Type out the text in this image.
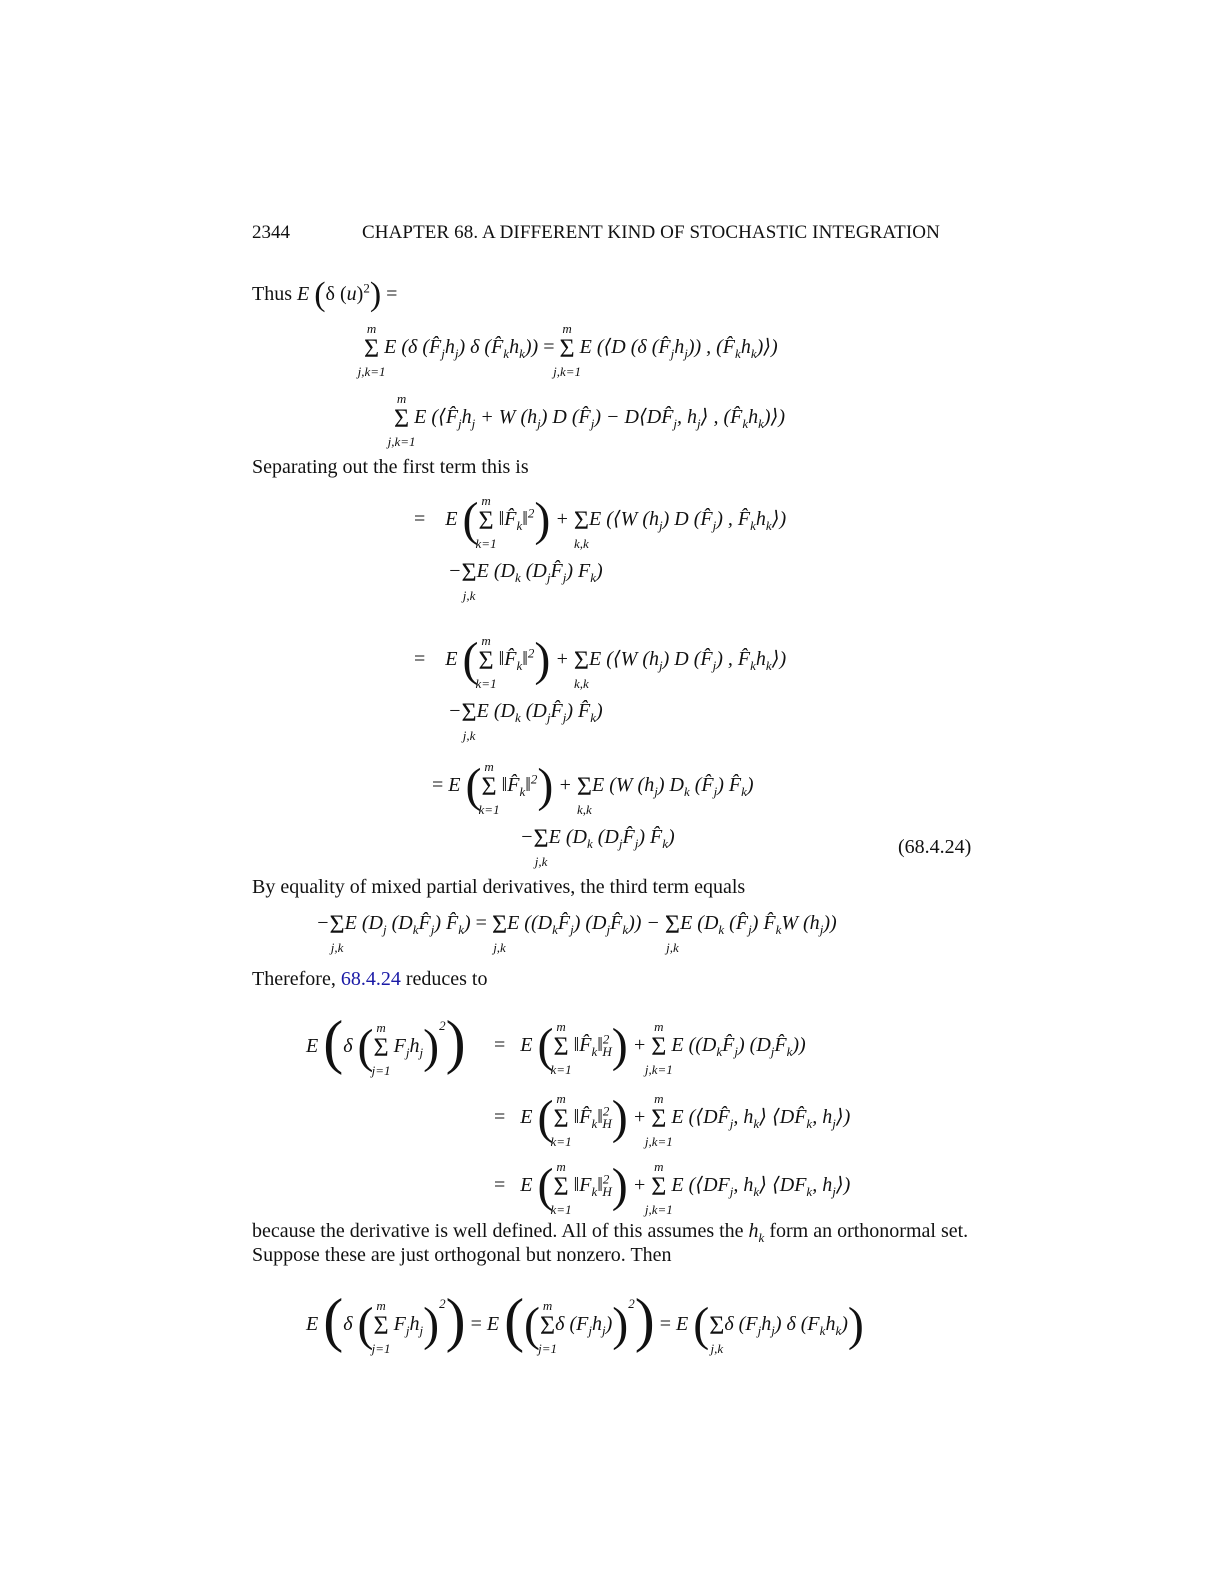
2344	CHAPTER 68. A DIFFERENT KIND OF STOCHASTIC INTEGRATION
Thus E (δ $(u)^2$) =
Σ
m
j,k=1
E (δ $(F̂_jh_j)$ δ $(F̂_kh_k)) = \Sigma$
m
j,k=1
E (⟨D (δ $(F̂_jh_j)$) , $(F̂_kh_k)⟩$)
Σ
m
j,k=1
E ($⟨F̂_jh_j + W$ $(h_j)$ D $(F̂_j)$ − $D⟨DF̂_j$, $h_j⟩$ , $(F̂_kh_k)⟩$)
Separating out the first term this is
=    E (Σ
m
k=1
$‖F̂_k‖^2) + \Sigma$
k,k
E (⟨W $(h_j)$ D $(F̂_j)$ , $F̂_kh_k⟩$)
−Σ
j,k
E ($D_k$ $(D_jF̂_j)$ $F_k$)
=    E (Σ
m
k=1
$‖F̂_k‖^2) + \Sigma$
k,k
E (⟨W $(h_j)$ D $(F̂_j)$ , $F̂_kh_k⟩$)
−Σ
j,k
E ($D_k$ $(D_jF̂_j)$ $F̂_k$)
= E (Σ
m
k=1
$‖F̂_k‖^2) + \Sigma$
k,k
E (W $(h_j)$ $D_k$ $(F̂_j)$ $F̂_k$)
−Σ
j,k
E ($D_k$ $(D_jF̂_j)$ $F̂_k$)	(68.4.24)
By equality of mixed partial derivatives, the third term equals
−Σ
j,k
E ($D_j$ $(D_kF̂_j)$ $F̂_k) = \Sigma$
j,k
E ($(D_kF̂_j)$ $(D_jF̂_k)) - \Sigma$
j,k
E ($D_k$ $(F̂_j)$ $F̂_kW$ $(h_j)$)
Therefore, 68.4.24 reduces to
E (δ (Σ
m
j=1
$F_jh_j)^2) = E$ (Σ
m
k=1
$‖F̂_k‖^2_H) + \Sigma$
m
j,k=1
E ($(D_kF̂_j)$ $(D_jF̂_k)$)
=   E (Σ
m
k=1
$‖F̂_k‖^2_H) + \Sigma$
m
j,k=1
E ($⟨DF̂_j$, $h_k⟩$ $⟨DF̂_k$, $h_j⟩$)
=   E (Σ
m
k=1
$‖F_k‖^2_H) + \Sigma$
m
j,k=1
E ($⟨DF_j$, $h_k⟩$ $⟨DF_k$, $h_j⟩$)
because the derivative is well defined. All of this assumes the $h_k$ form an orthonormal set.
Suppose these are just orthogonal but nonzero. Then
E (δ (Σ
m
j=1
$F_jh_j)^2) = E$ ((Σ
m
j=1
δ $(F_jh_j))^2) = E$ (Σ
j,k
δ $(F_jh_j)$ δ $(F_kh_k)$)
